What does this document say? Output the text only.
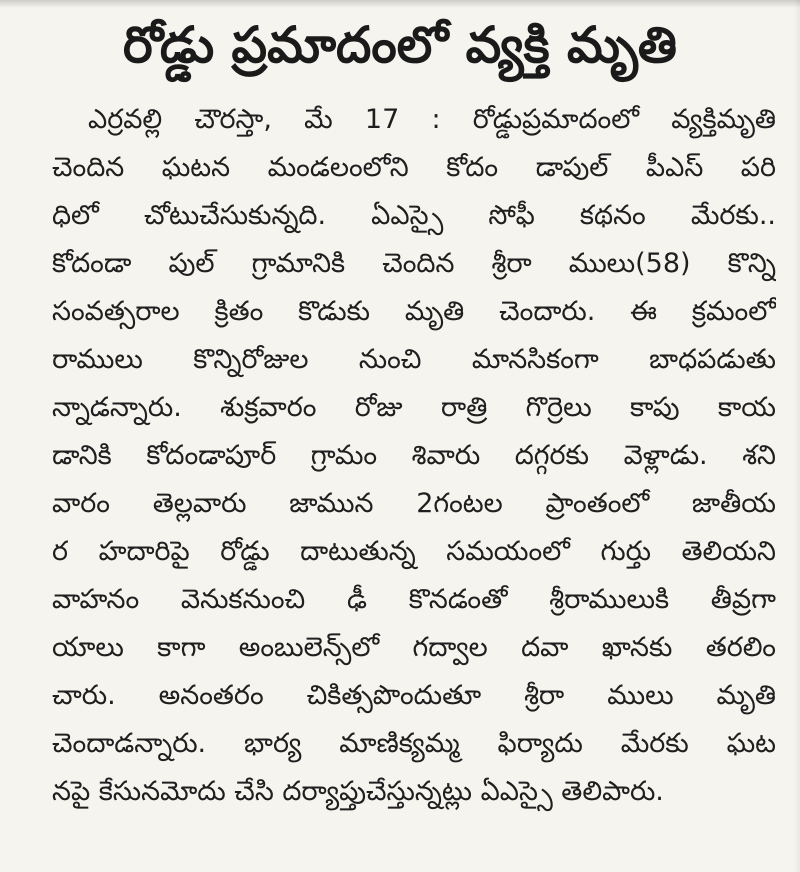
రోడ్డు ప్రమాదంలో వ్యక్తి మృతి
ఎర్రవల్లి చౌరస్తా, మే 17 : రోడ్డుప్రమాదంలో వ్యక్తిమృతి
చెందిన ఘటన మండలంలోని కోదం డాపుల్ పీఎస్ పరి
ధిలో చోటుచేసుకున్నది. ఏఎస్సై సోఫీ కథనం మేరకు..
కోదండా పుల్ గ్రామానికి చెందిన శ్రీరా ములు(58) కొన్ని
సంవత్సరాల క్రితం కొడుకు మృతి చెందారు. ఈ క్రమంలో
రాములు కొన్నిరోజుల నుంచి మానసికంగా బాధపడుతు
న్నాడన్నారు. శుక్రవారం రోజు రాత్రి గొర్రెలు కాపు కాయ
డానికి కోదండాపూర్ గ్రామం శివారు దగ్గరకు వెళ్లాడు. శని
వారం తెల్లవారు జామున 2గంటల ప్రాంతంలో జాతీయ
ర హదారిపై రోడ్డు దాటుతున్న సమయంలో గుర్తు తెలియని
వాహనం వెనుకనుంచి ఢీ కొనడంతో శ్రీరాములుకి తీవ్రగా
యాలు కాగా అంబులెన్స్‌లో గద్వాల దవా ఖానకు తరలిం
చారు. అనంతరం చికిత్సపొందుతూ శ్రీరా ములు మృతి
చెందాడన్నారు. భార్య మాణిక్యమ్మ ఫిర్యాదు మేరకు ఘట
నపై కేసునమోదు చేసి దర్యాప్తుచేస్తున్నట్లు ఏఎస్సై తెలిపారు.
